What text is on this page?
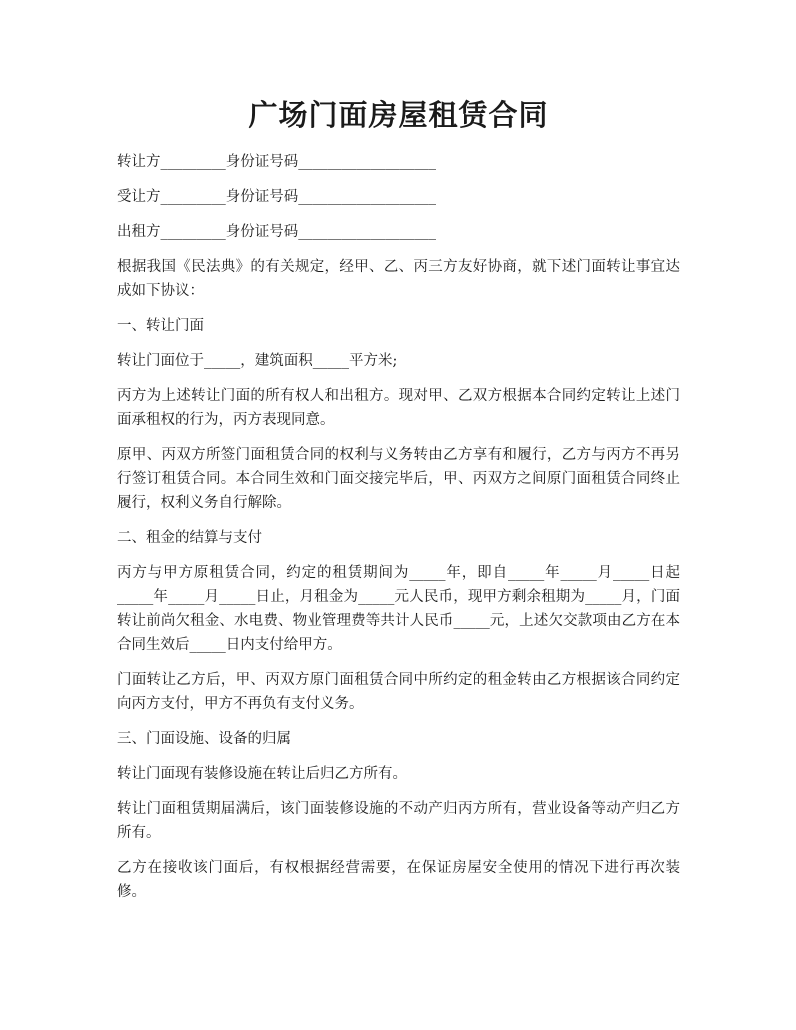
广场门面房屋租赁合同

转让方_________身份证号码___________________

受让方_________身份证号码___________________

出租方_________身份证号码___________________

根据我国《民法典》的有关规定，经甲、乙、丙三方友好协商，就下述门面转让事宜达成如下协议：

一、转让门面

转让门面位于_____，建筑面积_____平方米;

丙方为上述转让门面的所有权人和出租方。现对甲、乙双方根据本合同约定转让上述门面承租权的行为，丙方表现同意。

原甲、丙双方所签门面租赁合同的权利与义务转由乙方享有和履行，乙方与丙方不再另行签订租赁合同。本合同生效和门面交接完毕后，甲、丙双方之间原门面租赁合同终止履行，权利义务自行解除。

二、租金的结算与支付

丙方与甲方原租赁合同，约定的租赁期间为_____年，即自_____年_____月_____日起_____年_____月_____日止，月租金为_____元人民币，现甲方剩余租期为_____月，门面转让前尚欠租金、水电费、物业管理费等共计人民币_____元，上述欠交款项由乙方在本合同生效后_____日内支付给甲方。

门面转让乙方后，甲、丙双方原门面租赁合同中所约定的租金转由乙方根据该合同约定向丙方支付，甲方不再负有支付义务。

三、门面设施、设备的归属

转让门面现有装修设施在转让后归乙方所有。

转让门面租赁期届满后，该门面装修设施的不动产归丙方所有，营业设备等动产归乙方所有。

乙方在接收该门面后，有权根据经营需要，在保证房屋安全使用的情况下进行再次装修。
